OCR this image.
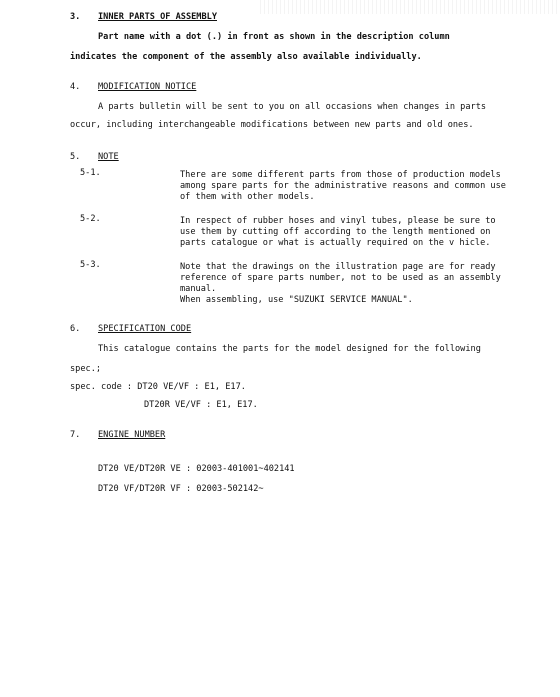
3. INNER PARTS OF ASSEMBLY
Part name with a dot (.) in front as shown in the description column
indicates the component of the assembly also available individually.
4. MODIFICATION NOTICE
A parts bulletin will be sent to you on all occasions when changes in parts
occur, including interchangeable modifications between new parts and old ones.
5. NOTE
5-1.	There are some different parts from those of production models
among spare parts for the administrative reasons and common use
of them with other models.
5-2.	In respect of rubber hoses and vinyl tubes, please be sure to
use them by cutting off according to the length mentioned on
parts catalogue or what is actually required on the v hicle.
5-3.	Note that the drawings on the illustration page are for ready
reference of spare parts number, not to be used as an assembly
manual.
When assembling, use "SUZUKI SERVICE MANUAL".
6. SPECIFICATION CODE
This catalogue contains the parts for the model designed for the following
spec.;
spec. code : DT20 VE/VF : E1, E17.
DT20R VE/VF : E1, E17.
7. ENGINE NUMBER
DT20 VE/DT20R VE : 02003-401001~402141
DT20 VF/DT20R VF : 02003-502142~
